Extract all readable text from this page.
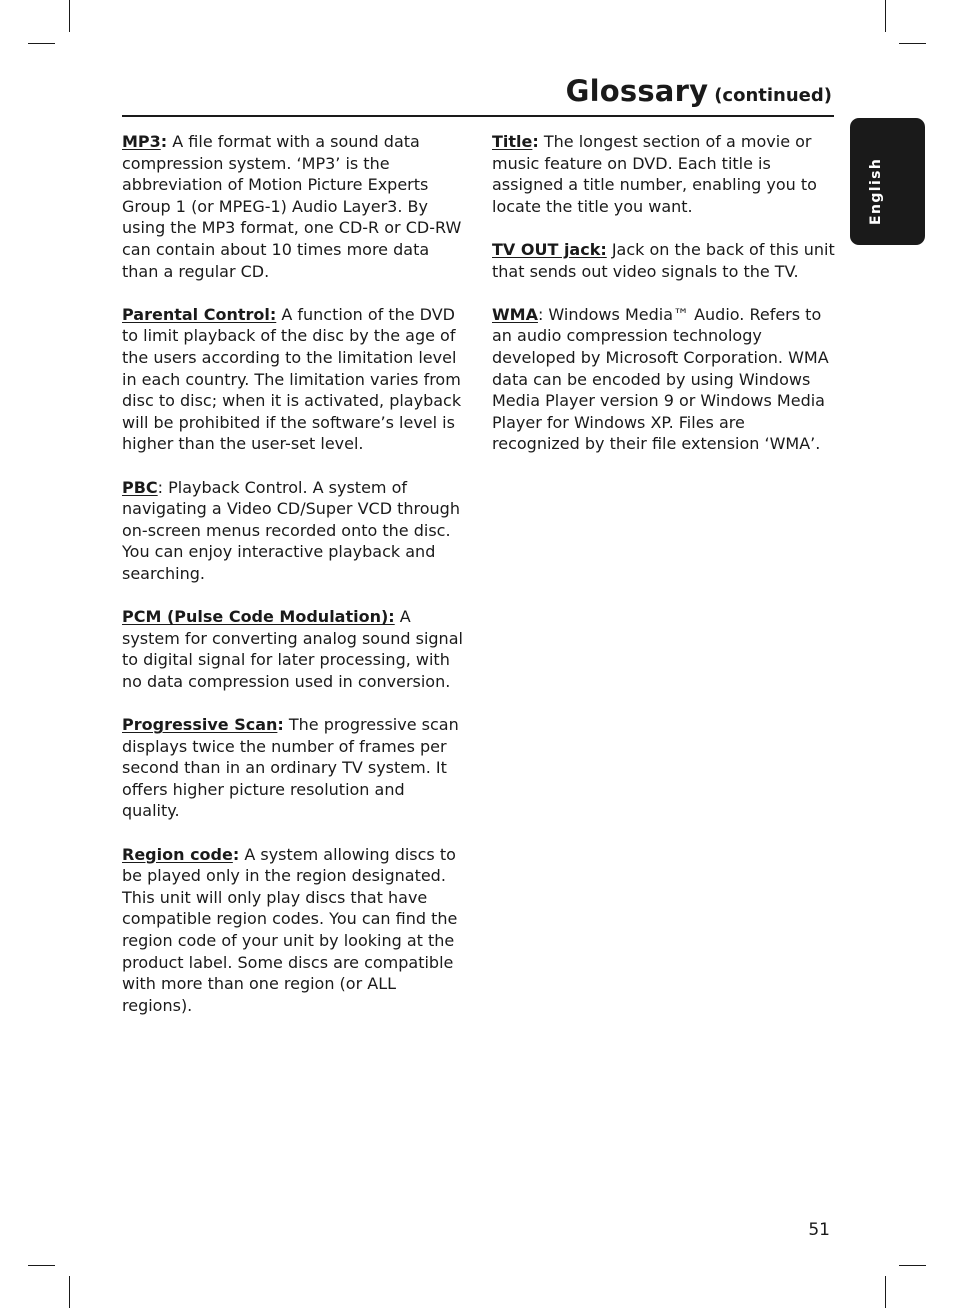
Glossary (continued)
English

MP3: A file format with a sound data compression system. ‘MP3’ is the abbreviation of Motion Picture Experts Group 1 (or MPEG-1) Audio Layer3. By using the MP3 format, one CD-R or CD-RW can contain about 10 times more data than a regular CD.

Parental Control: A function of the DVD to limit playback of the disc by the age of the users according to the limitation level in each country. The limitation varies from disc to disc; when it is activated, playback will be prohibited if the software’s level is higher than the user-set level.

PBC: Playback Control. A system of navigating a Video CD/Super VCD through on-screen menus recorded onto the disc. You can enjoy interactive playback and searching.

PCM (Pulse Code Modulation): A system for converting analog sound signal to digital signal for later processing, with no data compression used in conversion.

Progressive Scan: The progressive scan displays twice the number of frames per second than in an ordinary TV system. It offers higher picture resolution and quality.

Region code: A system allowing discs to be played only in the region designated. This unit will only play discs that have compatible region codes. You can find the region code of your unit by looking at the product label. Some discs are compatible with more than one region (or ALL regions).

Title: The longest section of a movie or music feature on DVD. Each title is assigned a title number, enabling you to locate the title you want.

TV OUT jack: Jack on the back of this unit that sends out video signals to the TV.

WMA: Windows Media™ Audio. Refers to an audio compression technology developed by Microsoft Corporation. WMA data can be encoded by using Windows Media Player version 9 or Windows Media Player for Windows XP. Files are recognized by their file extension ‘WMA’.

51
